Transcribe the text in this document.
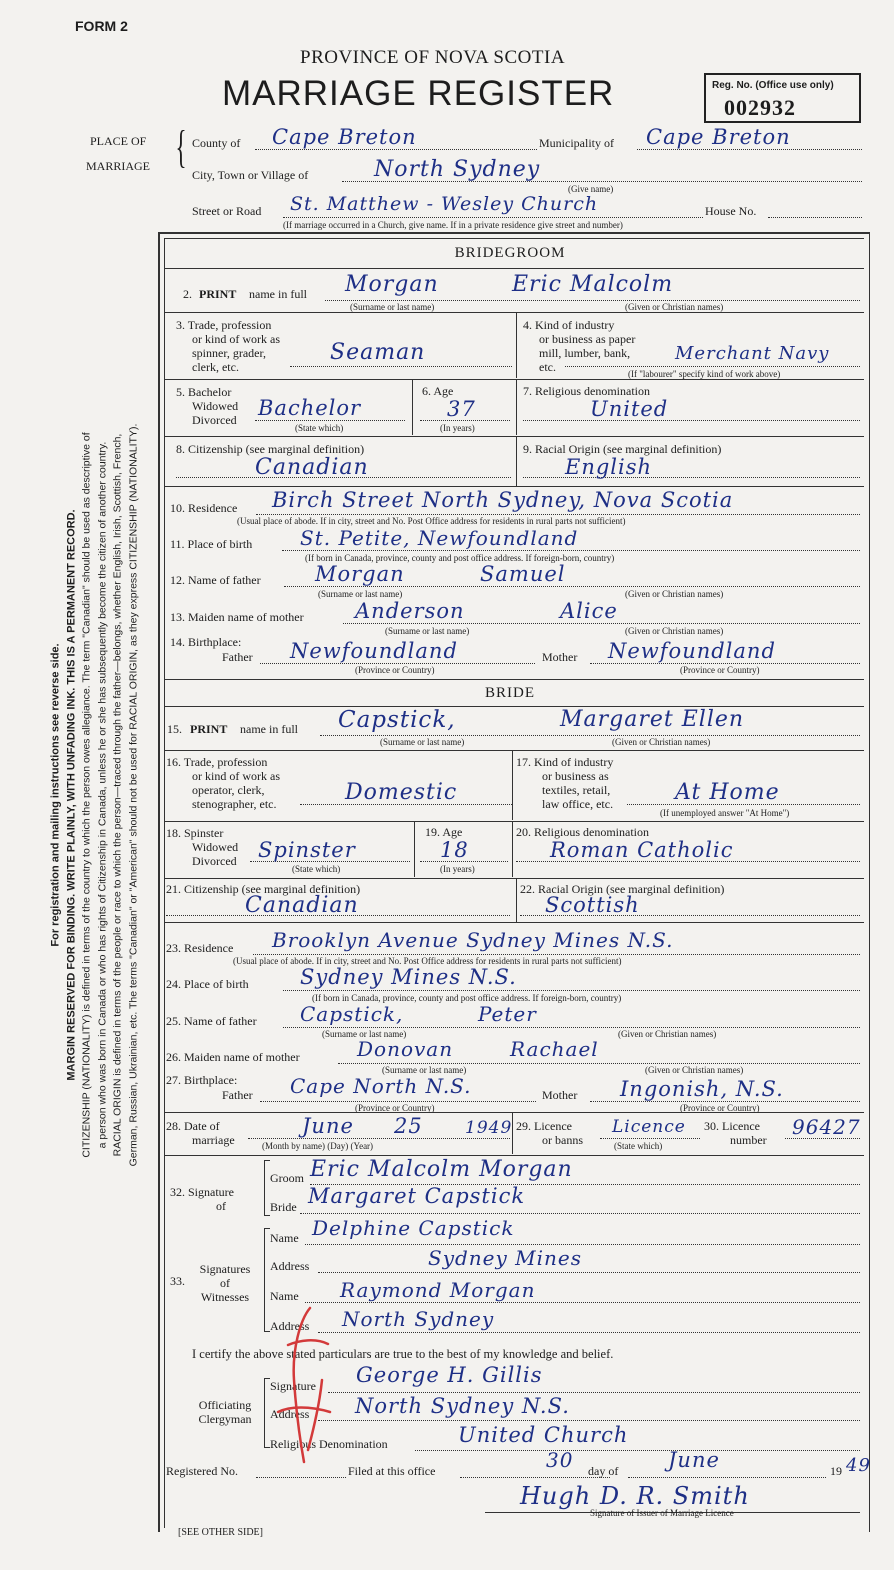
FORM 2
PROVINCE OF NOVA SCOTIA
MARRIAGE REGISTER	Reg. No. (Office use only)
002932
PLACE OF
MARRIAGE { County of Cape Breton	Municipality of Cape Breton
City, Town or Village of	North Sydney
(Give name)
Street or Road St. Matthew - Wesley Church	House No.
(If marriage occurred in a Church, give name. If in a private residence give street and number)
For registration and mailing instructions see reverse side. MARGIN RESERVED FOR BINDING. WRITE PLAINLY, WITH UNFADING INK. THIS IS A PERMANENT RECORD. CITIZENSHIP (NATIONALITY) is defined in terms of the country to which the person owes allegiance. The term "Canadian" should be used as descriptive of a person who was born in Canada or who has rights of Citizenship in Canada, unless he or she has subsequently become the citizen of another country. RACIAL ORIGIN is defined in terms of the people or race to which the person—traced through the father—belongs, whether English, Irish, Scottish, French, German, Russian, Ukrainian, etc. The terms "Canadian" or "American" should not be used for RACIAL ORIGIN, as they express CITIZENSHIP (NATIONALITY).
BRIDEGROOM
2. PRINT name in full Morgan	Eric Malcolm
(Surname or last name)	(Given or Christian names)
3. Trade, profession
or kind of work as
spinner, grader,
clerk, etc.
Seaman
4. Kind of industry
or business as paper
mill, lumber, bank,
etc.
Merchant Navy
(If "labourer" specify kind of work above)
5. Bachelor
Widowed
Divorced Bachelor
(State which)
6. Age
37
(In years)
7. Religious denomination
United
8. Citizenship (see marginal definition)
Canadian
9. Racial Origin (see marginal definition)
English
10. Residence Birch Street North Sydney, Nova Scotia
(Usual place of abode. If in city, street and No. Post Office address for residents in rural parts not sufficient)
11. Place of birth St. Petite, Newfoundland
(If born in Canada, province, county and post office address. If foreign-born, country)
12. Name of father	Morgan	Samuel
(Surname or last name)	(Given or Christian names)
13. Maiden name of mother Anderson	Alice
(Surname or last name)	(Given or Christian names)
14. Birthplace:
Father Newfoundland	Mother Newfoundland
(Province or Country)	(Province or Country)
BRIDE
15. PRINT name in full Capstick,	Margaret Ellen
(Surname or last name)	(Given or Christian names)
16. Trade, profession
or kind of work as
operator, clerk,
stenographer, etc.	Domestic
17. Kind of industry
or business as
textiles, retail,
law office, etc.	At Home
(If unemployed answer "At Home")
18. Spinster
Widowed
Divorced Spinster
(State which)
19. Age
18
(In years)
20. Religious denomination
Roman Catholic
21. Citizenship (see marginal definition)
Canadian
22. Racial Origin (see marginal definition)
Scottish
23. Residence Brooklyn Avenue Sydney Mines N.S.
(Usual place of abode. If in city, street and No. Post Office address for residents in rural parts not sufficient)
24. Place of birth Sydney Mines N.S.
(If born in Canada, province, county and post office address. If foreign-born, country)
25. Name of father Capstick,	Peter
(Surname or last name)	(Given or Christian names)
26. Maiden name of mother	Donovan	Rachael
(Surname or last name)	(Given or Christian names)
27. Birthplace:
Father Cape North N.S.	Mother Ingonish, N.S.
(Province or Country)	(Province or Country)
28. Date of
marriage
June 25 1949
(Month by name) (Day) (Year)
29. Licence
or banns
Licence
(State which)
30. Licence
number
96427
32. Signature
of
Groom Eric Malcolm Morgan
Bride Margaret Capstick
33.
Signatures
of
Witnesses
Name Delphine Capstick
Address	Sydney Mines
Name Raymond Morgan
Address North Sydney
I certify the above stated particulars are true to the best of my knowledge and belief.
Officiating
Clergyman
Signature George H. Gillis
Address North Sydney N.S.
Religious Denomination	United Church
Registered No.	Filed at this office	30 day of June	19 49
Hugh D. R. Smith
Signature of Issuer of Marriage Licence
[SEE OTHER SIDE]
